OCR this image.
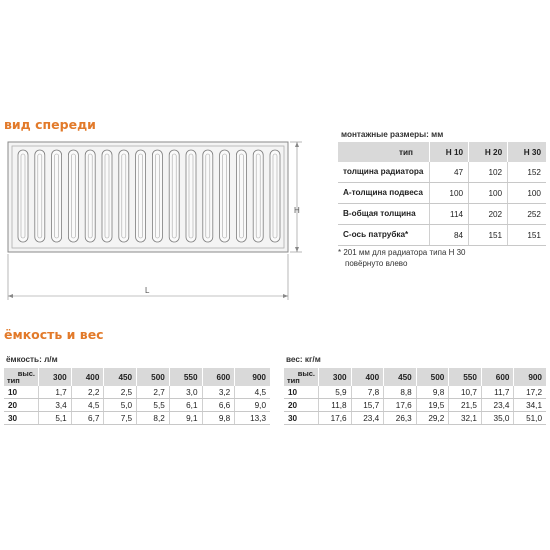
вид спереди
H
L
монтажные размеры: мм
тип	H 10	H 20	H 30
толщина радиатора	47	102	152
А-толщина подвеса	100	100	100
В-общая толщина	114	202	252
С-ось патрубка*	84	151	151
* 201 мм для радиатора типа H 30
повёрнуто влево
ёмкость и вес
ёмкость: л/м
выс.
тип	300	400	450	500	550	600	900
10	1,7	2,2	2,5	2,7	3,0	3,2	4,5
20	3,4	4,5	5,0	5,5	6,1	6,6	9,0
30	5,1	6,7	7,5	8,2	9,1	9,8	13,3
вес: кг/м
выс.
тип	300	400	450	500	550	600	900
10	5,9	7,8	8,8	9,8	10,7	11,7	17,2
20	11,8	15,7	17,6	19,5	21,5	23,4	34,1
30	17,6	23,4	26,3	29,2	32,1	35,0	51,0
